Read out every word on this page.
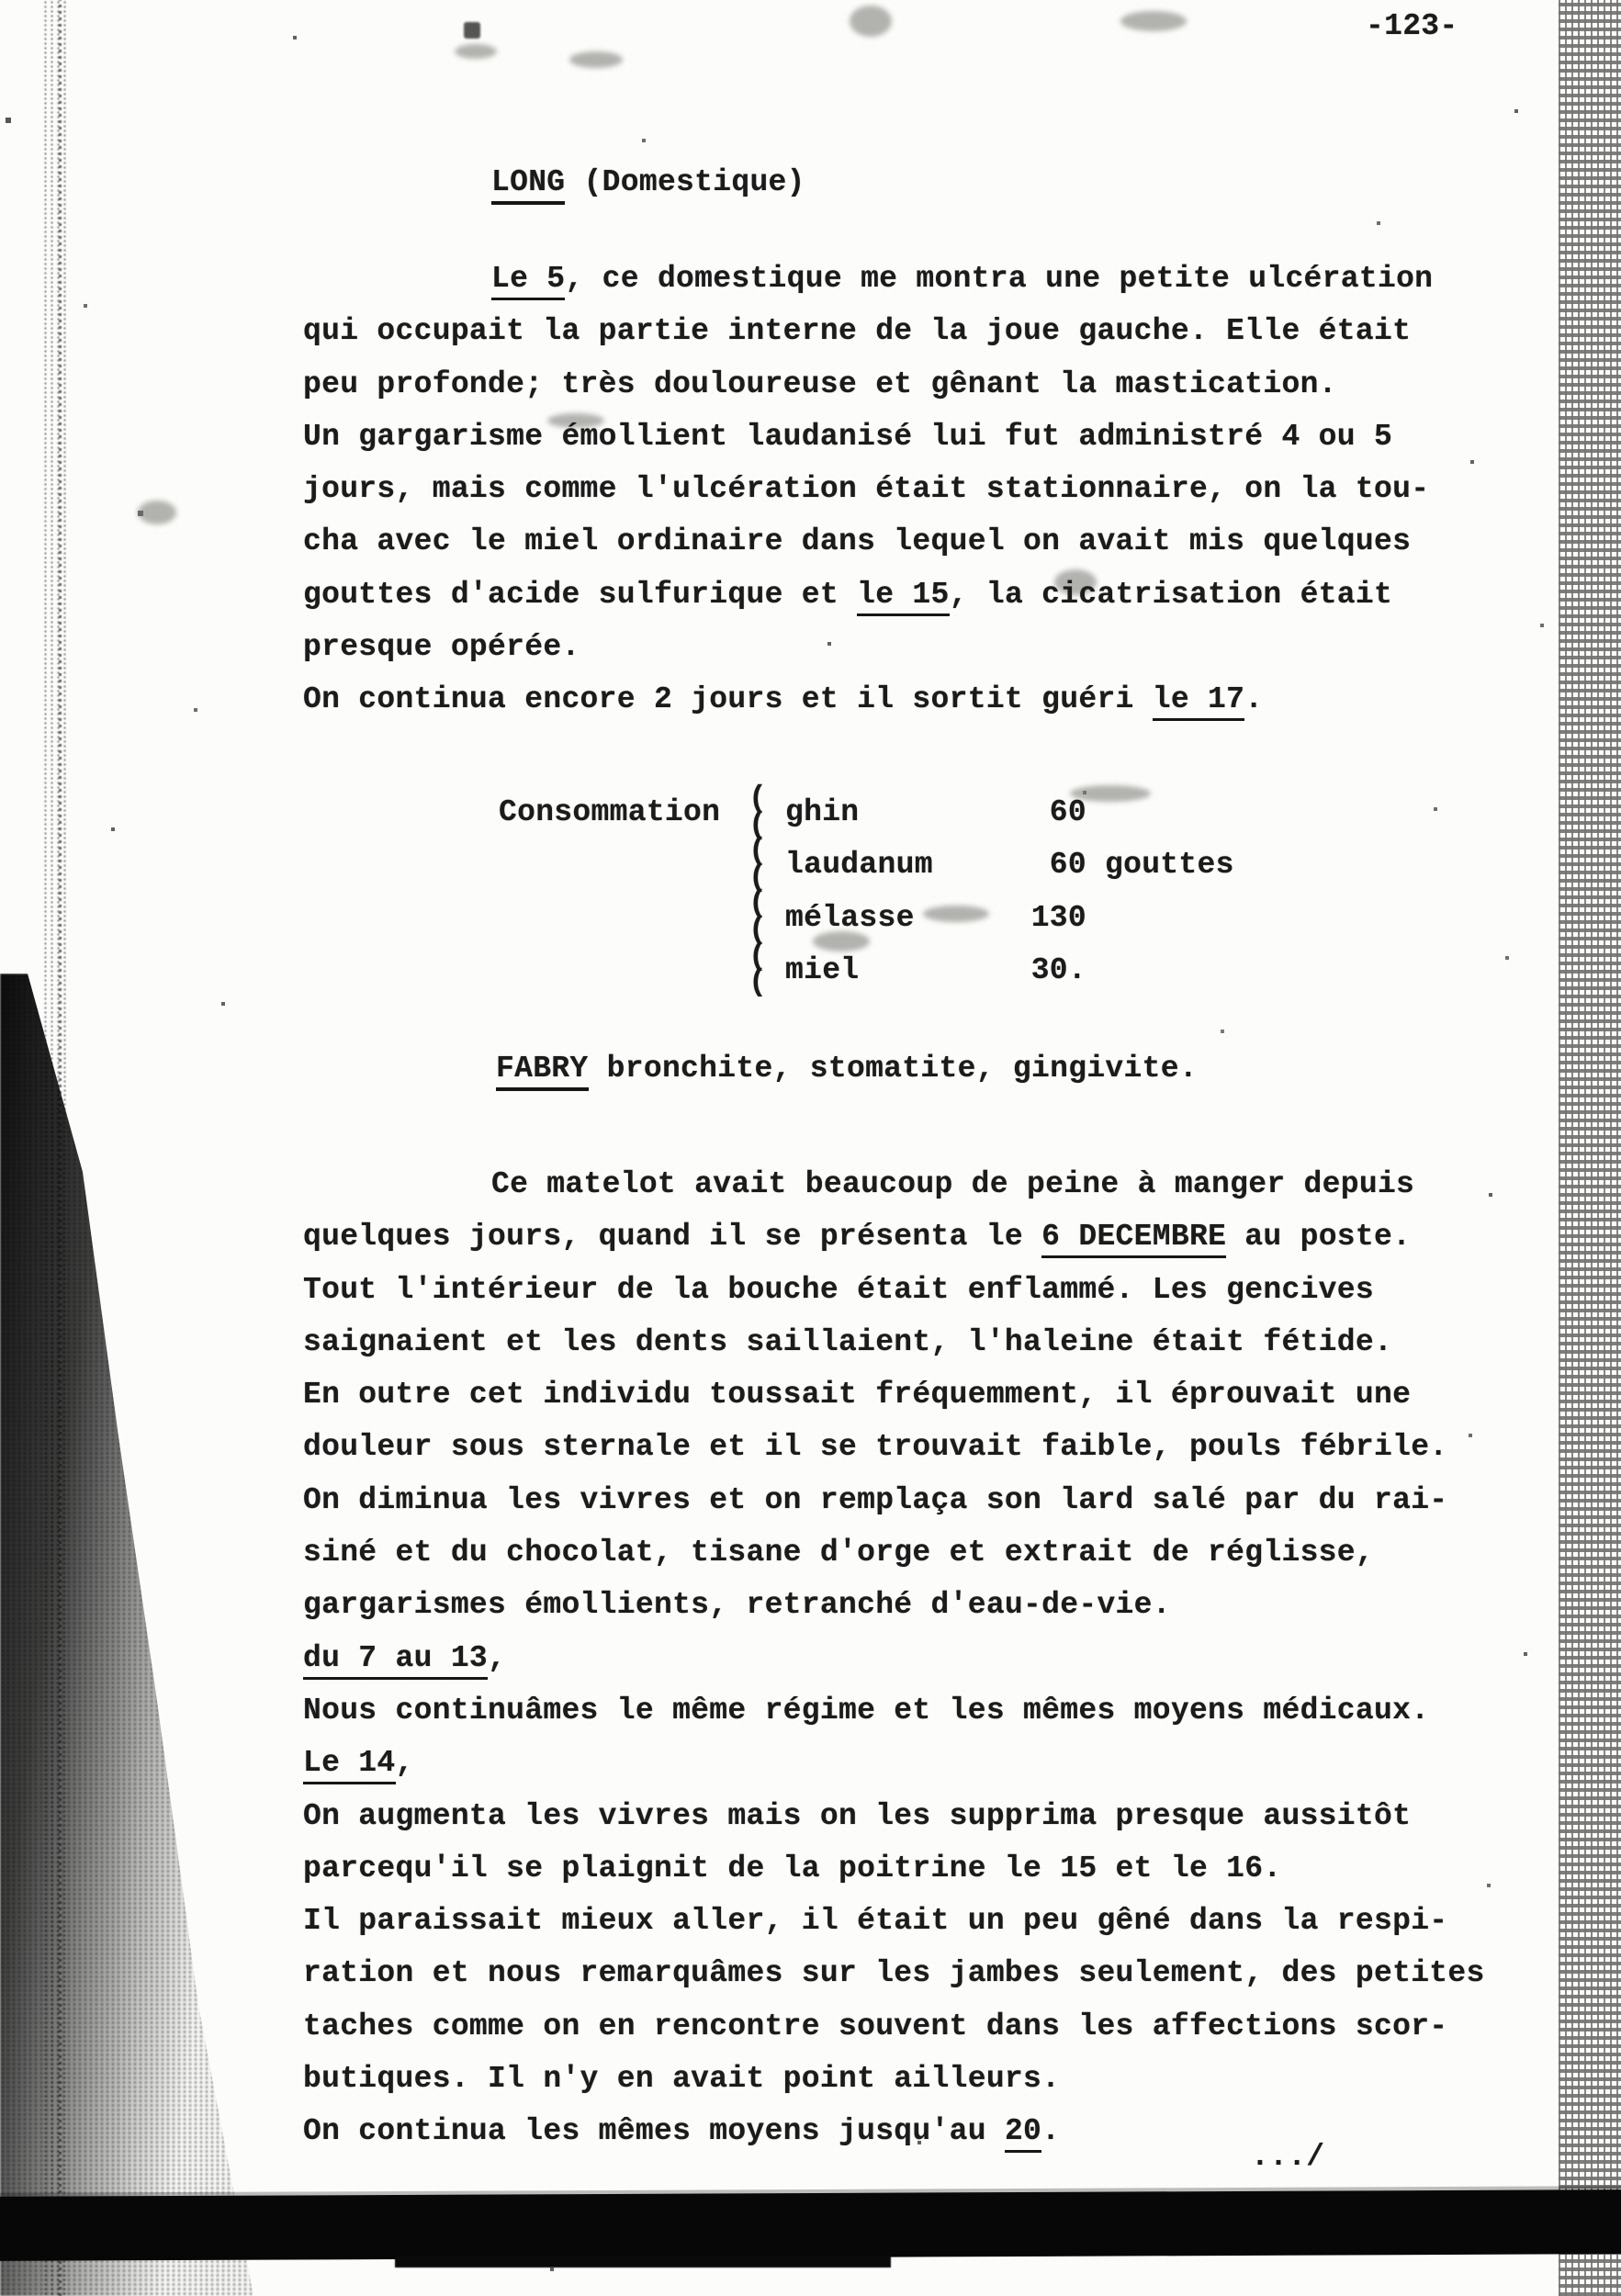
-123-
LONG (Domestique)
Le 5, ce domestique me montra une petite ulcération
qui occupait la partie interne de la joue gauche. Elle était
peu profonde; très douloureuse et gênant la mastication.
Un gargarisme émollient laudanisé lui fut administré 4 ou 5
jours, mais comme l'ulcération était stationnaire, on la tou-
cha avec le miel ordinaire dans lequel on avait mis quelques
gouttes d'acide sulfurique et le 15, la cicatrisation était
presque opérée.
On continua encore 2 jours et il sortit guéri le 17.
Consommation (
(
(
(
(
(
(
(
ghin	60
laudanum	60 gouttes
mélasse	130
miel	30.
FABRY bronchite, stomatite, gingivite.
Ce matelot avait beaucoup de peine à manger depuis
quelques jours, quand il se présenta le 6 DECEMBRE au poste.
Tout l'intérieur de la bouche était enflammé. Les gencives
saignaient et les dents saillaient, l'haleine était fétide.
En outre cet individu toussait fréquemment, il éprouvait une
douleur sous sternale et il se trouvait faible, pouls fébrile.
On diminua les vivres et on remplaça son lard salé par du rai-
siné et du chocolat, tisane d'orge et extrait de réglisse,
gargarismes émollients, retranché d'eau-de-vie.
du 7 au 13,
Nous continuâmes le même régime et les mêmes moyens médicaux.
Le 14,
On augmenta les vivres mais on les supprima presque aussitôt
parcequ'il se plaignit de la poitrine le 15 et le 16.
Il paraissait mieux aller, il était un peu gêné dans la respi-
ration et nous remarquâmes sur les jambes seulement, des petites
taches comme on en rencontre souvent dans les affections scor-
butiques. Il n'y en avait point ailleurs.
On continua les mêmes moyens jusqu'au 20.
.../
